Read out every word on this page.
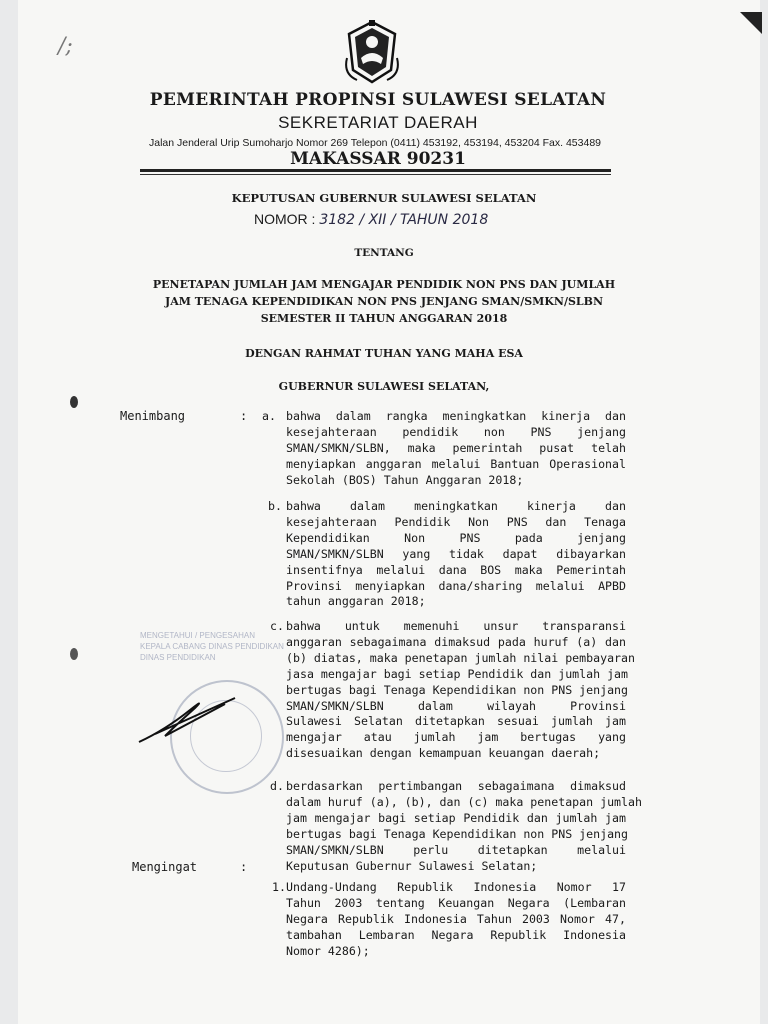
/;
PEMERINTAH PROPINSI SULAWESI SELATAN
SEKRETARIAT DAERAH
Jalan Jenderal Urip Sumoharjo Nomor 269 Telepon (0411) 453192, 453194, 453204 Fax. 453489
MAKASSAR 90231
KEPUTUSAN GUBERNUR SULAWESI SELATAN
NOMOR : 3182 / XII / TAHUN 2018
TENTANG
PENETAPAN JUMLAH JAM MENGAJAR PENDIDIK NON PNS DAN JUMLAH
JAM TENAGA KEPENDIDIKAN NON PNS JENJANG SMAN/SMKN/SLBN
SEMESTER II TAHUN ANGGARAN 2018
DENGAN RAHMAT TUHAN YANG MAHA ESA
GUBERNUR SULAWESI SELATAN,
Menimbang	:
Mengingat	:
MENGETAHUI / PENGESAHAN
KEPALA CABANG DINAS PENDIDIKAN
DINAS PENDIDIKAN
a. bahwa dalam rangka meningkatkan kinerja dan
kesejahteraan pendidik non PNS jenjang
SMAN/SMKN/SLBN, maka pemerintah pusat telah
menyiapkan anggaran melalui Bantuan Operasional
Sekolah (BOS) Tahun Anggaran 2018;
b. bahwa dalam meningkatkan kinerja dan
kesejahteraan Pendidik Non PNS dan Tenaga
Kependidikan Non PNS pada jenjang
SMAN/SMKN/SLBN yang tidak dapat dibayarkan
insentifnya melalui dana BOS maka Pemerintah
Provinsi menyiapkan dana/sharing melalui APBD
tahun anggaran 2018;
c. bahwa untuk memenuhi unsur transparansi
anggaran sebagaimana dimaksud pada huruf (a) dan
(b) diatas, maka penetapan jumlah nilai pembayaran
jasa mengajar bagi setiap Pendidik dan jumlah jam
bertugas bagi Tenaga Kependidikan non PNS jenjang
SMAN/SMKN/SLBN dalam wilayah Provinsi
Sulawesi Selatan ditetapkan sesuai jumlah jam
mengajar atau jumlah jam bertugas yang
disesuaikan dengan kemampuan keuangan daerah;
d. berdasarkan pertimbangan sebagaimana dimaksud
dalam huruf (a), (b), dan (c) maka penetapan jumlah
jam mengajar bagi setiap Pendidik dan jumlah jam
bertugas bagi Tenaga Kependidikan non PNS jenjang
SMAN/SMKN/SLBN perlu ditetapkan melalui
Keputusan Gubernur Sulawesi Selatan;
1. Undang-Undang Republik Indonesia Nomor 17
Tahun 2003 tentang Keuangan Negara (Lembaran
Negara Republik Indonesia Tahun 2003 Nomor 47,
tambahan Lembaran Negara Republik Indonesia
Nomor 4286);
